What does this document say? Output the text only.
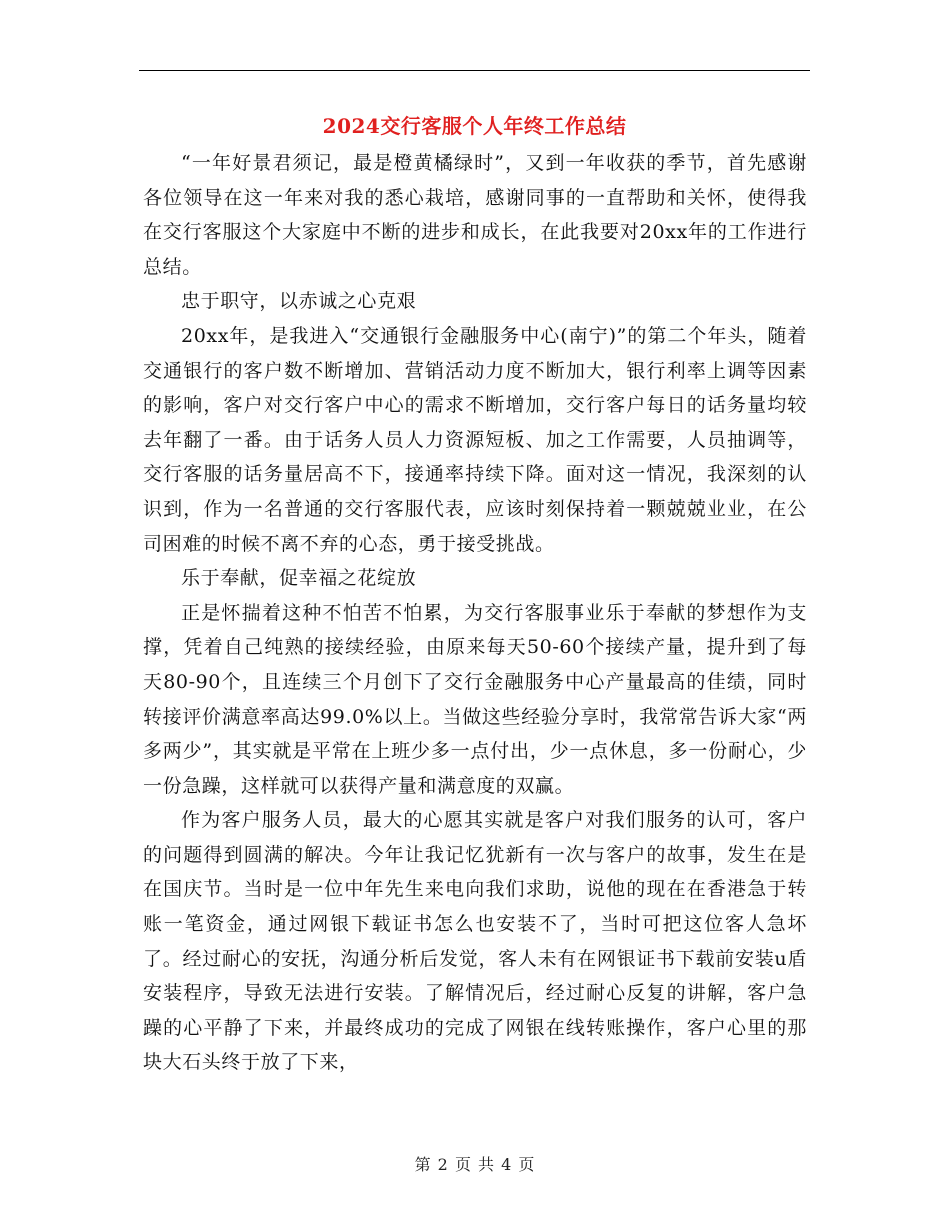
2024交行客服个人年终工作总结

“一年好景君须记，最是橙黄橘绿时”，又到一年收获的季节，首先感谢各位领导在这一年来对我的悉心栽培，感谢同事的一直帮助和关怀，使得我在交行客服这个大家庭中不断的进步和成长，在此我要对20xx年的工作进行总结。

忠于职守，以赤诚之心克艰

20xx年，是我进入“交通银行金融服务中心(南宁)”的第二个年头，随着交通银行的客户数不断增加、营销活动力度不断加大，银行利率上调等因素的影响，客户对交行客户中心的需求不断增加，交行客户每日的话务量均较去年翻了一番。由于话务人员人力资源短板、加之工作需要，人员抽调等，交行客服的话务量居高不下，接通率持续下降。面对这一情况，我深刻的认识到，作为一名普通的交行客服代表，应该时刻保持着一颗兢兢业业，在公司困难的时候不离不弃的心态，勇于接受挑战。

乐于奉献，促幸福之花绽放

正是怀揣着这种不怕苦不怕累，为交行客服事业乐于奉献的梦想作为支撑，凭着自己纯熟的接续经验，由原来每天50-60个接续产量，提升到了每天80-90个，且连续三个月创下了交行金融服务中心产量最高的佳绩，同时转接评价满意率高达99.0%以上。当做这些经验分享时，我常常告诉大家“两多两少”，其实就是平常在上班少多一点付出，少一点休息，多一份耐心，少一份急躁，这样就可以获得产量和满意度的双赢。

作为客户服务人员，最大的心愿其实就是客户对我们服务的认可，客户的问题得到圆满的解决。今年让我记忆犹新有一次与客户的故事，发生在是在国庆节。当时是一位中年先生来电向我们求助，说他的现在在香港急于转账一笔资金，通过网银下载证书怎么也安装不了，当时可把这位客人急坏了。经过耐心的安抚，沟通分析后发觉，客人未有在网银证书下载前安装u盾安装程序，导致无法进行安装。了解情况后，经过耐心反复的讲解，客户急躁的心平静了下来，并最终成功的完成了网银在线转账操作，客户心里的那块大石头终于放了下来，

第 2 页 共 4 页
